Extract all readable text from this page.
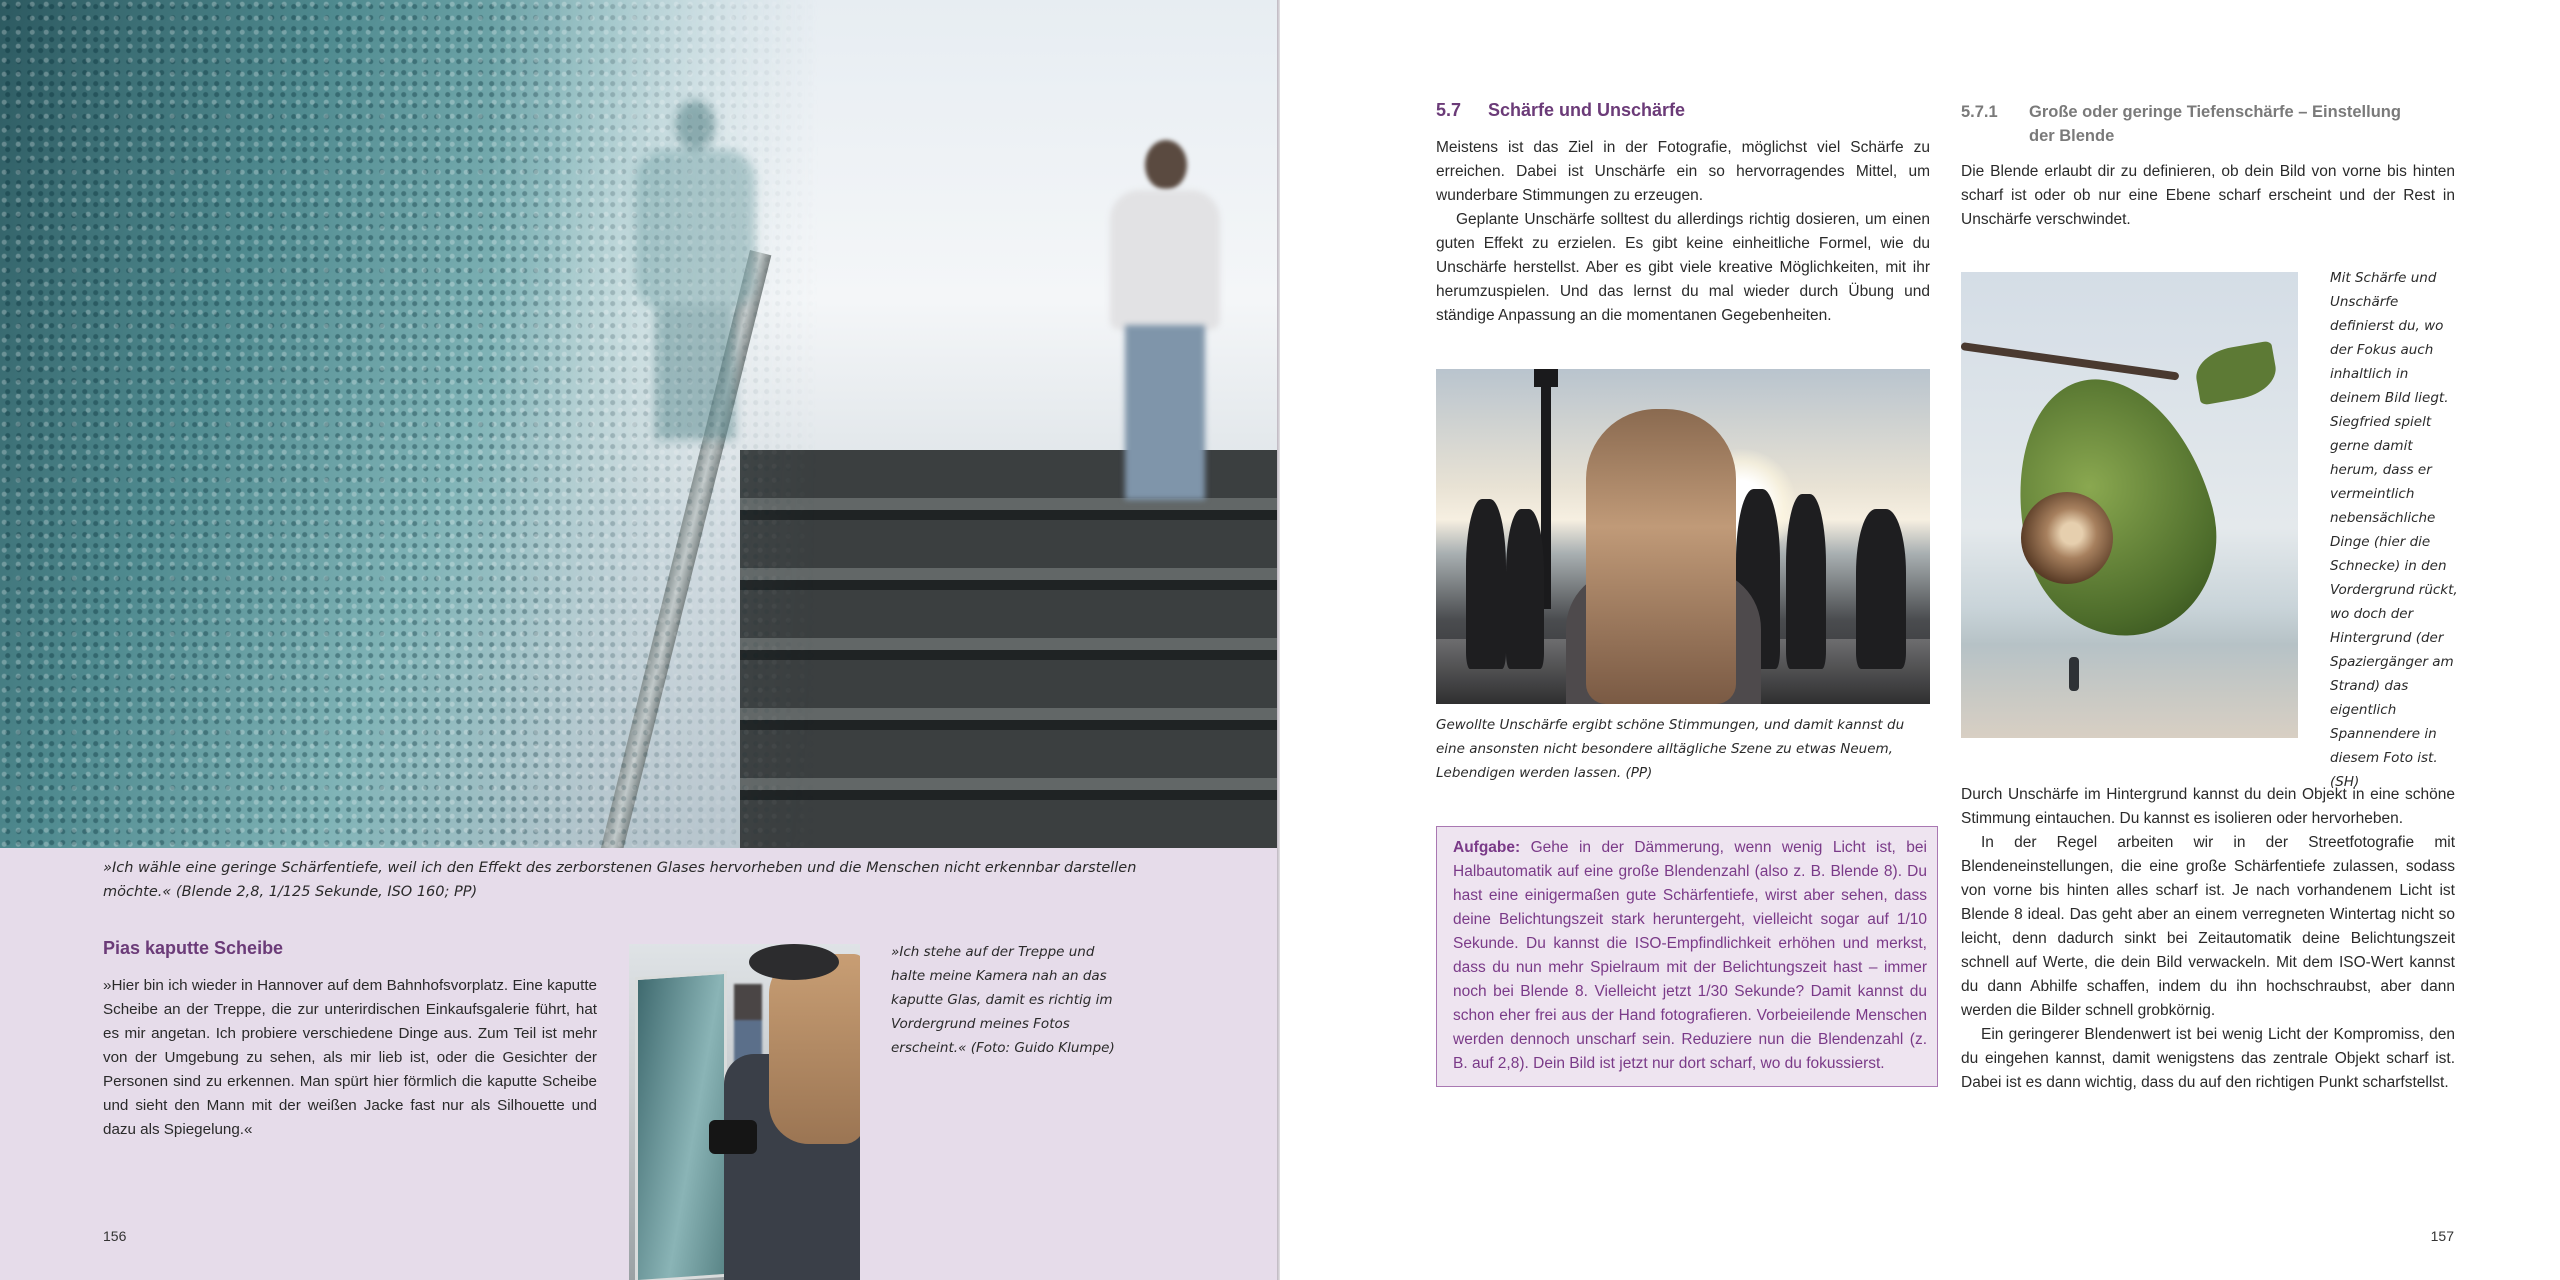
»Ich wähle eine geringe Schärfentiefe, weil ich den Effekt des zerborstenen Glases hervorheben und die Menschen nicht erkennbar darstellen möchte.« (Blende 2,8, 1/125 Sekunde, ISO 160; PP)
Pias kaputte Scheibe
»Hier bin ich wieder in Hannover auf dem Bahnhofsvorplatz. Eine kaputte Scheibe an der Treppe, die zur unterirdischen Einkaufsgalerie führt, hat es mir angetan. Ich probiere verschiedene Dinge aus. Zum Teil ist mehr von der Umgebung zu sehen, als mir lieb ist, oder die Gesichter der Personen sind zu erkennen. Man spürt hier förmlich die kaputte Scheibe und sieht den Mann mit der weißen Jacke fast nur als Silhouette und dazu als Spiegelung.«
»Ich stehe auf der Treppe und halte meine Kamera nah an das kaputte Glas, damit es richtig im Vordergrund meines Fotos erscheint.« (Foto: Guido Klumpe)
156
5.7 Schärfe und Unschärfe

Meistens ist das Ziel in der Fotografie, möglichst viel Schärfe zu erreichen. Dabei ist Unschärfe ein so hervorragendes Mittel, um wunderbare Stimmungen zu erzeugen.

Geplante Unschärfe solltest du allerdings richtig dosieren, um einen guten Effekt zu erzielen. Es gibt keine einheitliche Formel, wie du Unschärfe herstellst. Aber es gibt viele kreative Möglichkeiten, mit ihr herumzuspielen. Und das lernst du mal wieder durch Übung und ständige Anpassung an die momentanen Gegebenheiten.

Gewollte Unschärfe ergibt schöne Stimmungen, und damit kannst du eine ansonsten nicht besondere alltägliche Szene zu etwas Neuem, Lebendigen werden lassen. (PP)
Aufgabe: Gehe in der Dämmerung, wenn wenig Licht ist, bei Halbautomatik auf eine große Blendenzahl (also z. B. Blende 8). Du hast eine einigermaßen gute Schärfentiefe, wirst aber sehen, dass deine Belichtungszeit stark heruntergeht, vielleicht sogar auf 1/10 Sekunde. Du kannst die ISO-Empfindlichkeit erhöhen und merkst, dass du nun mehr Spielraum mit der Belichtungszeit hast – immer noch bei Blende 8. Vielleicht jetzt 1/30 Sekunde? Damit kannst du schon eher frei aus der Hand fotografieren. Vorbeieilende Menschen werden dennoch unscharf sein. Reduziere nun die Blendenzahl (z. B. auf 2,8). Dein Bild ist jetzt nur dort scharf, wo du fokussierst.
5.7.1 Große oder geringe Tiefenschärfe – Einstellung der Blende
Die Blende erlaubt dir zu definieren, ob dein Bild von vorne bis hinten scharf ist oder ob nur eine Ebene scharf erscheint und der Rest in Unschärfe verschwindet.
Mit Schärfe und Unschärfe definierst du, wo der Fokus auch inhaltlich in deinem Bild liegt. Siegfried spielt gerne damit herum, dass er vermeintlich nebensächliche Dinge (hier die Schnecke) in den Vordergrund rückt, wo doch der Hintergrund (der Spaziergänger am Strand) das eigentlich Spannendere in diesem Foto ist. (SH)

Durch Unschärfe im Hintergrund kannst du dein Objekt in eine schöne Stimmung eintauchen. Du kannst es isolieren oder hervorheben.

In der Regel arbeiten wir in der Streetfotografie mit Blendeneinstellungen, die eine große Schärfentiefe zulassen, sodass von vorne bis hinten alles scharf ist. Je nach vorhandenem Licht ist Blende 8 ideal. Das geht aber an einem verregneten Wintertag nicht so leicht, denn dadurch sinkt bei Zeitautomatik deine Belichtungszeit schnell auf Werte, die dein Bild verwackeln. Mit dem ISO-Wert kannst du dann Abhilfe schaffen, indem du ihn hochschraubst, aber dann werden die Bilder schnell grobkörnig.

Ein geringerer Blendenwert ist bei wenig Licht der Kompromiss, den du eingehen kannst, damit wenigstens das zentrale Objekt scharf ist. Dabei ist es dann wichtig, dass du auf den richtigen Punkt scharfstellst.

157
